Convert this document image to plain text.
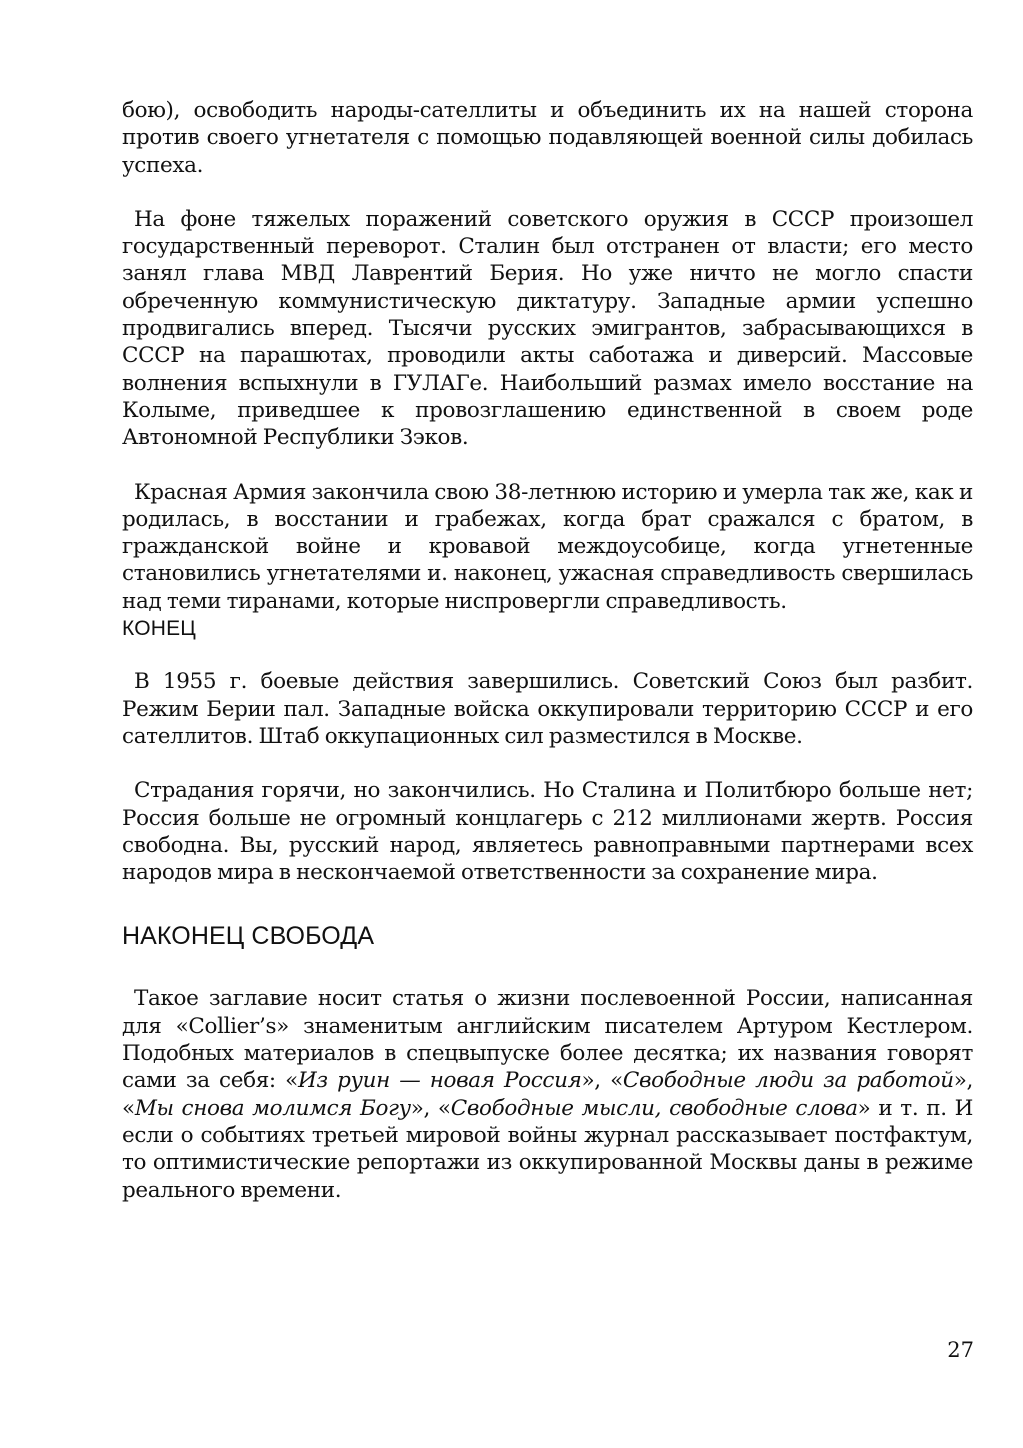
бою), освободить народы-сателлиты и объединить их на нашей сторона против своего угнетателя с помощью подавляющей военной силы добилась успеха.

На фоне тяжелых поражений советского оружия в СССР произошел государственный переворот. Сталин был отстранен от власти; его место занял глава МВД Лаврентий Берия. Но уже ничто не могло спасти обреченную коммунистическую диктатуру. Западные армии успешно продвигались вперед. Тысячи русских эмигрантов, забрасывающихся в СССР на парашютах, проводили акты саботажа и диверсий. Массовые волнения вспыхнули в ГУЛАГе. Наибольший размах имело восстание на Колыме, приведшее к провозглашению единственной в своем роде Автономной Республики Зэков.

Красная Армия закончила свою 38-летнюю историю и умерла так же, как и родилась, в восстании и грабежах, когда брат сражался с братом, в гражданской войне и кровавой междоусобице, когда угнетенные становились угнетателями и. наконец, ужасная справедливость свершилась над теми тиранами, которые ниспровергли справедливость.

КОНЕЦ

В 1955 г. боевые действия завершились. Советский Союз был разбит. Режим Берии пал. Западные войска оккупировали территорию СССР и его сателлитов. Штаб оккупационных сил разместился в Москве.

Страдания горячи, но закончились. Но Сталина и Политбюро больше нет; Россия больше не огромный концлагерь с 212 миллионами жертв. Россия свободна. Вы, русский народ, являетесь равноправными партнерами всех народов мира в нескончаемой ответственности за сохранение мира.

НАКОНЕЦ СВОБОДА

Такое заглавие носит статья о жизни послевоенной России, написанная для «Collier’s» знаменитым английским писателем Артуром Кестлером. Подобных материалов в спецвыпуске более десятка; их названия говорят сами за себя: «Из руин — новая Россия», «Свободные люди за работой», «Мы снова молимся Богу», «Свободные мысли, свободные слова» и т. п. И если о событиях третьей мировой войны журнал рассказывает постфактум, то оптимистические репортажи из оккупированной Москвы даны в режиме реального времени.

27
